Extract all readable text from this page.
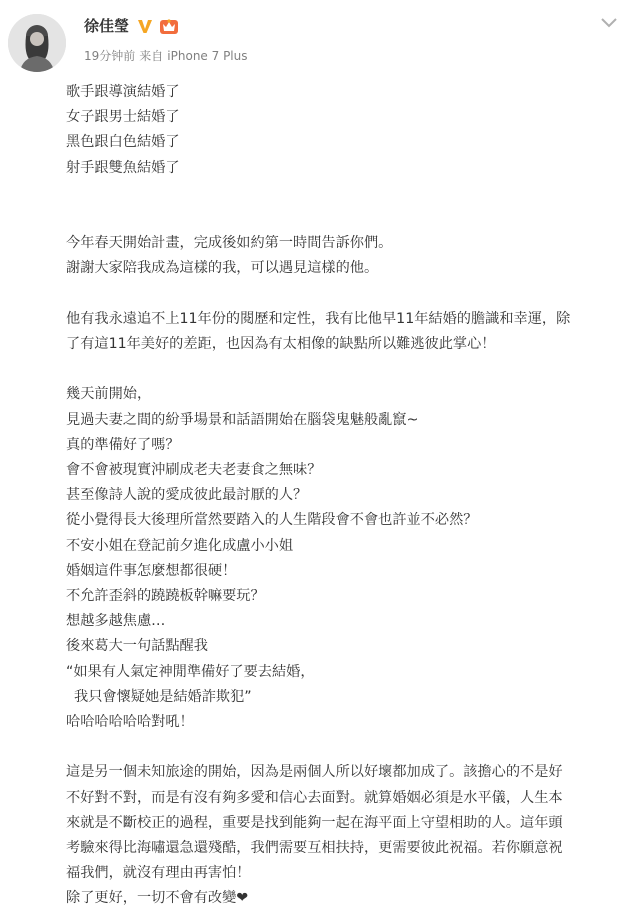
徐佳瑩
19分钟前 来自 iPhone 7 Plus

歌手跟導演結婚了

女子跟男士結婚了

黑色跟白色結婚了

射手跟雙魚結婚了

今年春天開始計畫，完成後如約第一時間告訴你們。

謝謝大家陪我成為這樣的我，可以遇見這樣的他。

他有我永遠追不上11年份的閱歷和定性，我有比他早11年結婚的膽識和幸運，除

了有這11年美好的差距，也因為有太相像的缺點所以難逃彼此掌心！

幾天前開始，

見過夫妻之間的紛爭場景和話語開始在腦袋鬼魅般亂竄~

真的準備好了嗎？

會不會被現實沖刷成老夫老妻食之無味？

甚至像詩人說的愛成彼此最討厭的人？

從小覺得長大後理所當然要踏入的人生階段會不會也許並不必然？

不安小姐在登記前夕進化成盧小小姐

婚姻這件事怎麼想都很硬！

不允許歪斜的蹺蹺板幹嘛要玩？

想越多越焦慮…

後來葛大一句話點醒我

“如果有人氣定神閒準備好了要去結婚，

我只會懷疑她是結婚詐欺犯”

哈哈哈哈哈哈對吼！

這是另一個未知旅途的開始，因為是兩個人所以好壞都加成了。該擔心的不是好

不好對不對，而是有沒有夠多愛和信心去面對。就算婚姻必須是水平儀，人生本

來就是不斷校正的過程，重要是找到能夠一起在海平面上守望相助的人。這年頭

考驗來得比海嘯還急還殘酷，我們需要互相扶持，更需要彼此祝福。若你願意祝

福我們，就沒有理由再害怕！

除了更好，一切不會有改變❤
